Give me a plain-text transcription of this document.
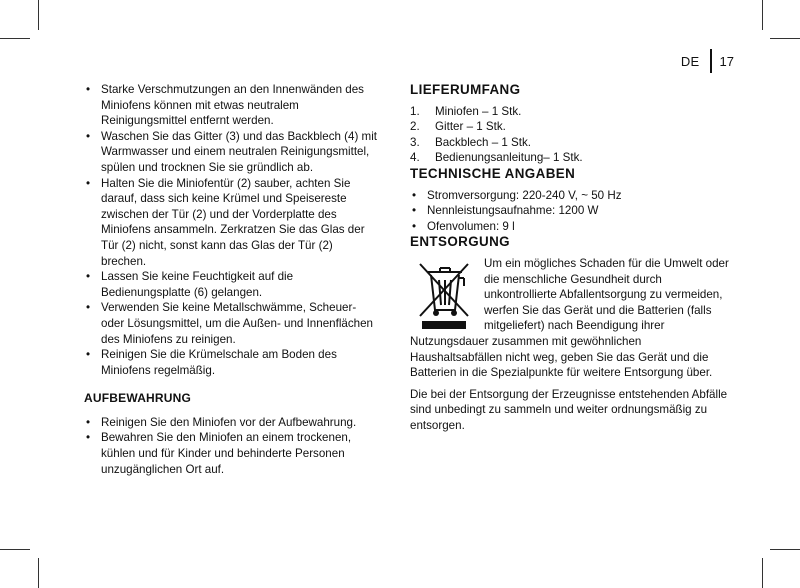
DE 17
• Starke Verschmutzungen an den Innenwänden des Miniofens können mit etwas neutralem Reinigungsmittel entfernt werden.
• Waschen Sie das Gitter (3) und das Backblech (4) mit Warmwasser und einem neutralen Reinigungsmittel, spülen und trocknen Sie sie gründlich ab.
• Halten Sie die Miniofentür (2) sauber, achten Sie darauf, dass sich keine Krümel und Speisereste zwischen der Tür (2) und der Vorderplatte des Miniofens ansammeln. Zerkratzen Sie das Glas der Tür (2) nicht, sonst kann das Glas der Tür (2) brechen.
• Lassen Sie keine Feuchtigkeit auf die Bedienungsplatte (6) gelangen.
• Verwenden Sie keine Metallschwämme, Scheuer- oder Lösungsmittel, um die Außen- und Innenflächen des Miniofens zu reinigen.
• Reinigen Sie die Krümelschale am Boden des Miniofens regelmäßig.
AUFBEWAHRUNG
• Reinigen Sie den Miniofen vor der Aufbewahrung.
• Bewahren Sie den Miniofen an einem trockenen, kühlen und für Kinder und behinderte Personen unzugänglichen Ort auf.
LIEFERUMFANG
1.	Miniofen – 1 Stk.
2.	Gitter – 1 Stk.
3.	Backblech – 1 Stk.
4.	Bedienungsanleitung– 1 Stk.
TECHNISCHE ANGABEN
• Stromversorgung: 220-240 V, ~ 50 Hz
• Nennleistungsaufnahme: 1200 W
• Ofenvolumen: 9 l
ENTSORGUNG

Um ein mögliches Schaden für die Umwelt oder die menschliche Gesundheit durch unkontrollierte Abfallentsorgung zu vermeiden, werfen Sie das Gerät und die Batterien (falls mitgeliefert) nach Beendigung ihrer Nutzungsdauer zusammen mit gewöhnlichen Haushaltsabfällen nicht weg, geben Sie das Gerät und die Batterien in die Spezialpunkte für weitere Entsorgung über.

Die bei der Entsorgung der Erzeugnisse entstehenden Abfälle sind unbedingt zu sammeln und weiter ordnungsmäßig zu entsorgen.
